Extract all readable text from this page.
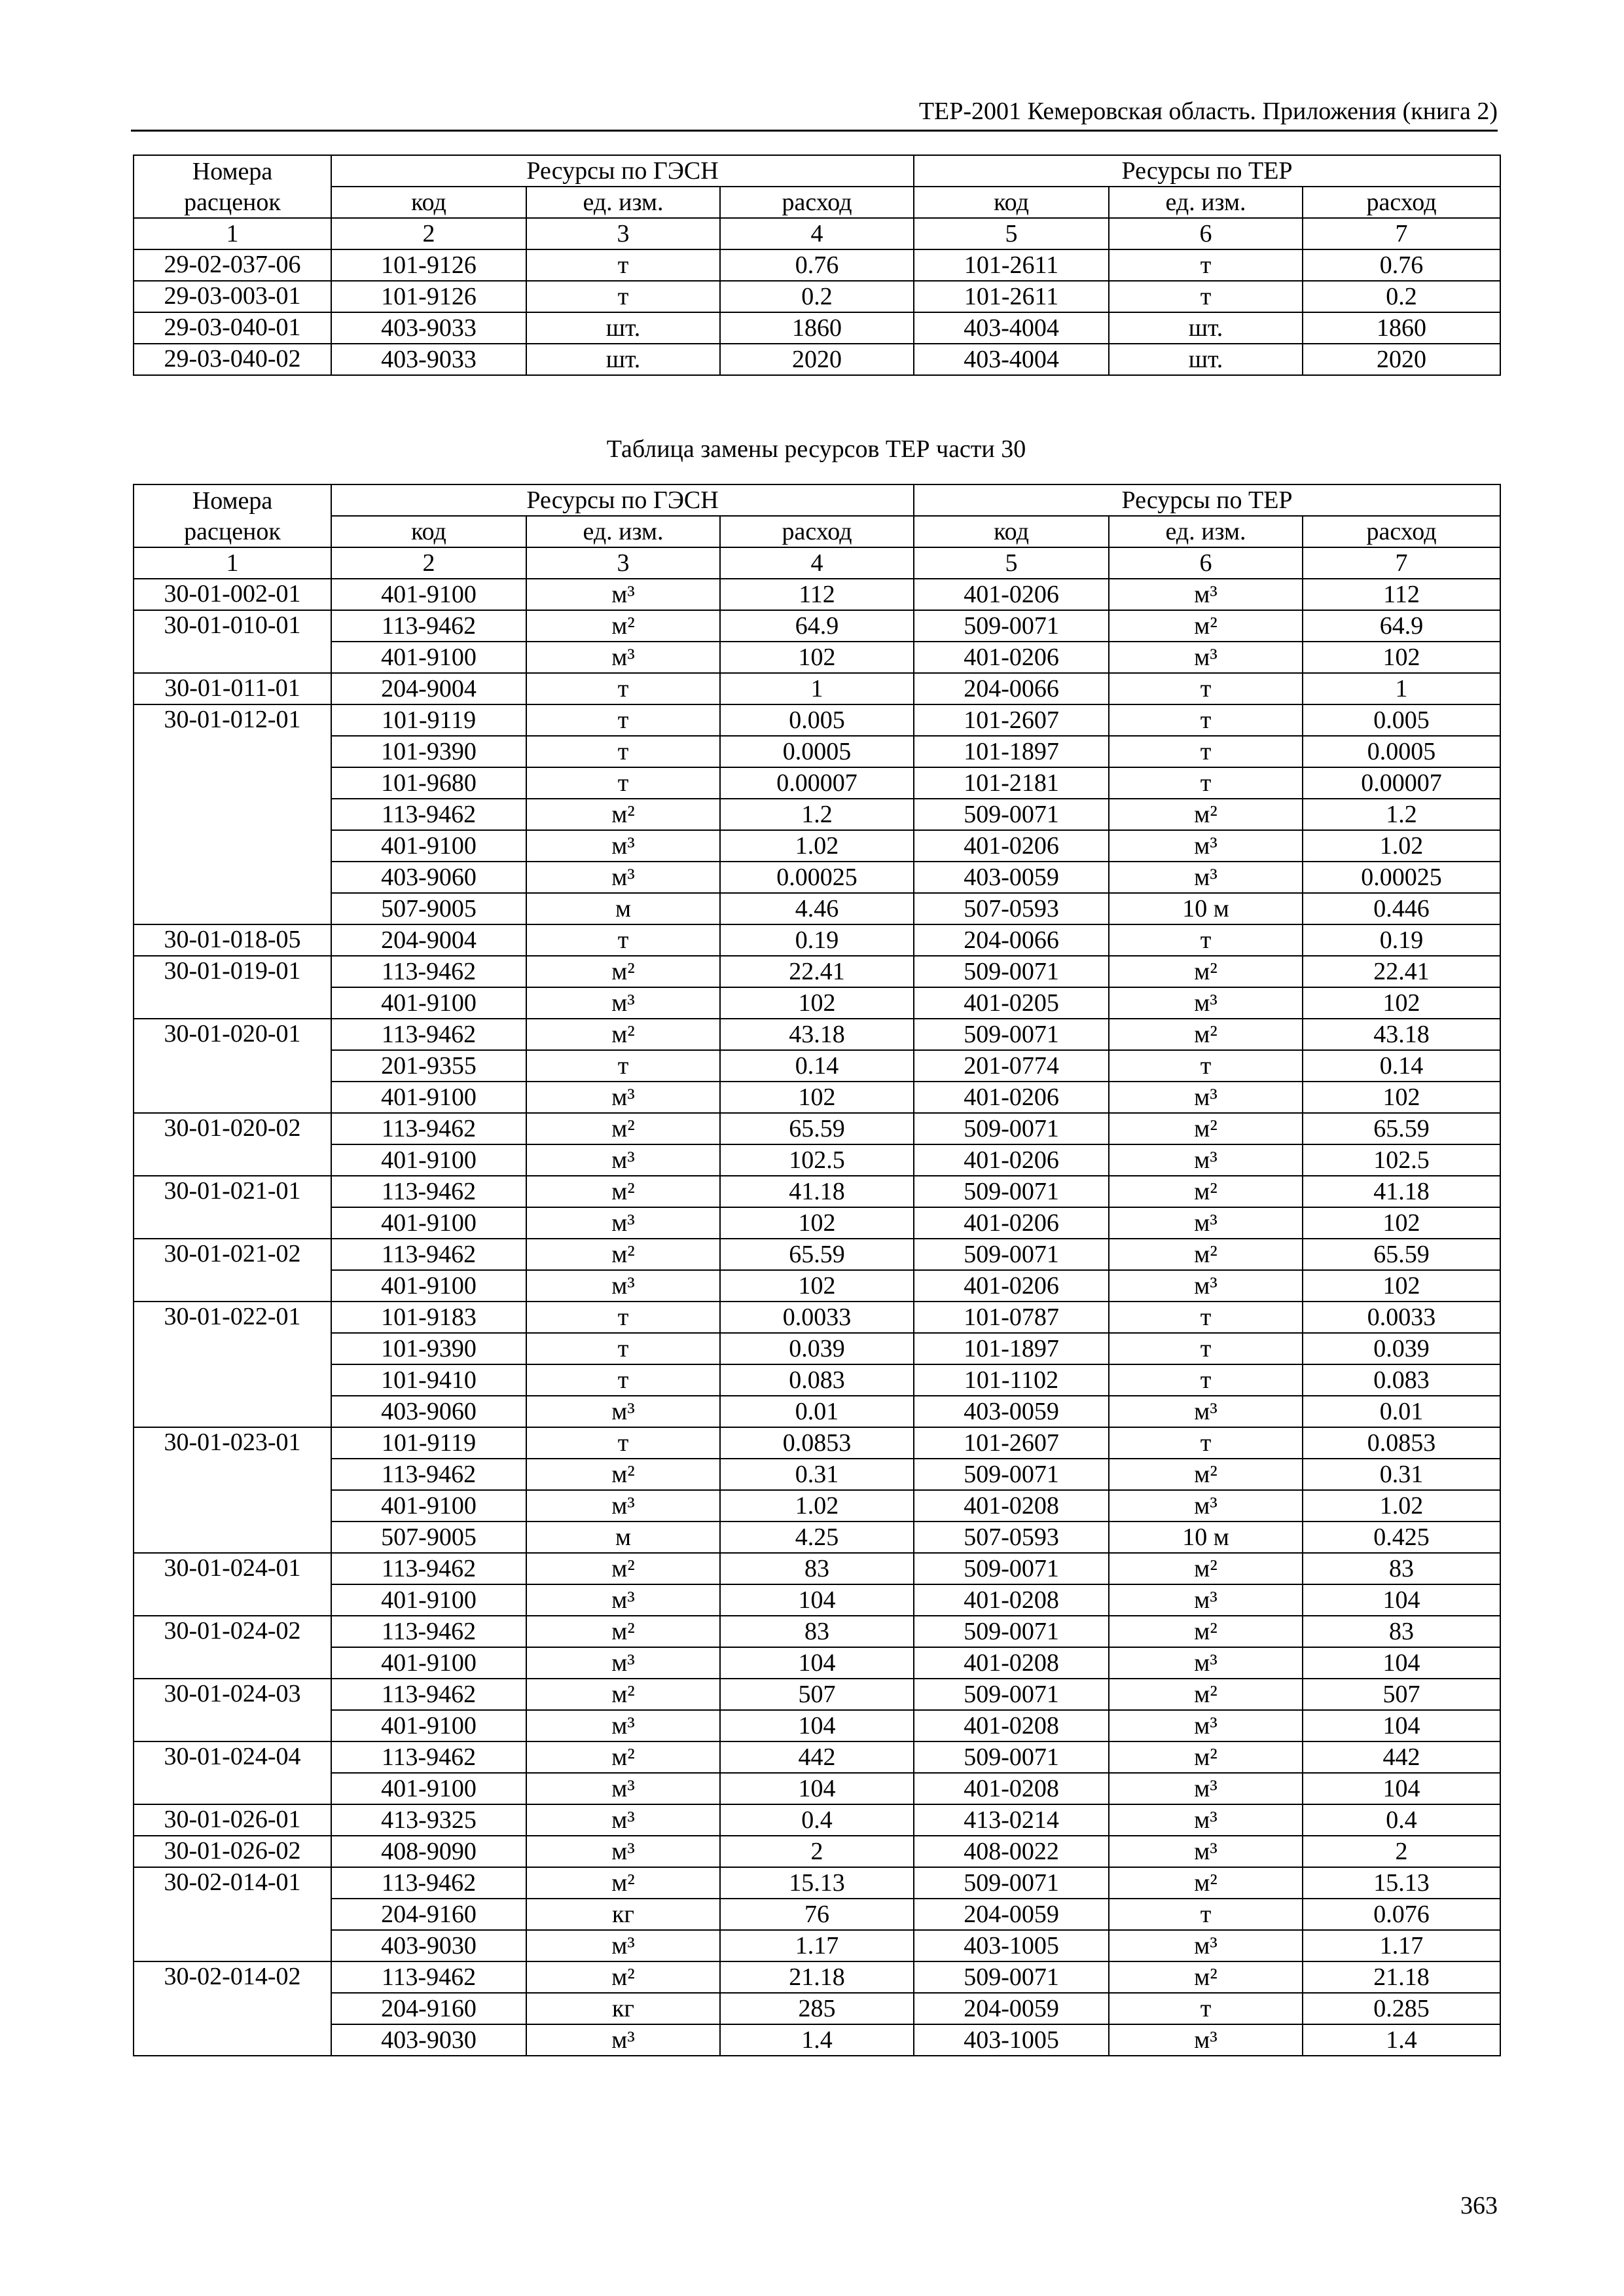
ТЕР-2001 Кемеровская область. Приложения (книга 2)
Номера	Ресурсы по ГЭСН			Ресурсы по ТЕР		
расценок	код	ед. изм.	расход	код	ед. изм.	расход
1	2	3	4	5	6	7
29-02-037-06	101-9126	т	0.76	101-2611	т	0.76
29-03-003-01	101-9126	т	0.2	101-2611	т	0.2
29-03-040-01	403-9033	шт.	1860	403-4004	шт.	1860
29-03-040-02	403-9033	шт.	2020	403-4004	шт.	2020
Таблица замены ресурсов ТЕР части 30
Номера	Ресурсы по ГЭСН			Ресурсы по ТЕР		
расценок	код	ед. изм.	расход	код	ед. изм.	расход
1	2	3	4	5	6	7
30-01-002-01	401-9100	м³	112	401-0206	м³	112
30-01-010-01	113-9462	м²	64.9	509-0071	м²	64.9
	401-9100	м³	102	401-0206	м³	102
30-01-011-01	204-9004	т	1	204-0066	т	1
30-01-012-01	101-9119	т	0.005	101-2607	т	0.005
	101-9390	т	0.0005	101-1897	т	0.0005
	101-9680	т	0.00007	101-2181	т	0.00007
	113-9462	м²	1.2	509-0071	м²	1.2
	401-9100	м³	1.02	401-0206	м³	1.02
	403-9060	м³	0.00025	403-0059	м³	0.00025
	507-9005	м	4.46	507-0593	10 м	0.446
30-01-018-05	204-9004	т	0.19	204-0066	т	0.19
30-01-019-01	113-9462	м²	22.41	509-0071	м²	22.41
	401-9100	м³	102	401-0205	м³	102
30-01-020-01	113-9462	м²	43.18	509-0071	м²	43.18
	201-9355	т	0.14	201-0774	т	0.14
	401-9100	м³	102	401-0206	м³	102
30-01-020-02	113-9462	м²	65.59	509-0071	м²	65.59
	401-9100	м³	102.5	401-0206	м³	102.5
30-01-021-01	113-9462	м²	41.18	509-0071	м²	41.18
	401-9100	м³	102	401-0206	м³	102
30-01-021-02	113-9462	м²	65.59	509-0071	м²	65.59
	401-9100	м³	102	401-0206	м³	102
30-01-022-01	101-9183	т	0.0033	101-0787	т	0.0033
	101-9390	т	0.039	101-1897	т	0.039
	101-9410	т	0.083	101-1102	т	0.083
	403-9060	м³	0.01	403-0059	м³	0.01
30-01-023-01	101-9119	т	0.0853	101-2607	т	0.0853
	113-9462	м²	0.31	509-0071	м²	0.31
	401-9100	м³	1.02	401-0208	м³	1.02
	507-9005	м	4.25	507-0593	10 м	0.425
30-01-024-01	113-9462	м²	83	509-0071	м²	83
	401-9100	м³	104	401-0208	м³	104
30-01-024-02	113-9462	м²	83	509-0071	м²	83
	401-9100	м³	104	401-0208	м³	104
30-01-024-03	113-9462	м²	507	509-0071	м²	507
	401-9100	м³	104	401-0208	м³	104
30-01-024-04	113-9462	м²	442	509-0071	м²	442
	401-9100	м³	104	401-0208	м³	104
30-01-026-01	413-9325	м³	0.4	413-0214	м³	0.4
30-01-026-02	408-9090	м³	2	408-0022	м³	2
30-02-014-01	113-9462	м²	15.13	509-0071	м²	15.13
	204-9160	кг	76	204-0059	т	0.076
	403-9030	м³	1.17	403-1005	м³	1.17
30-02-014-02	113-9462	м²	21.18	509-0071	м²	21.18
	204-9160	кг	285	204-0059	т	0.285
	403-9030	м³	1.4	403-1005	м³	1.4
363
